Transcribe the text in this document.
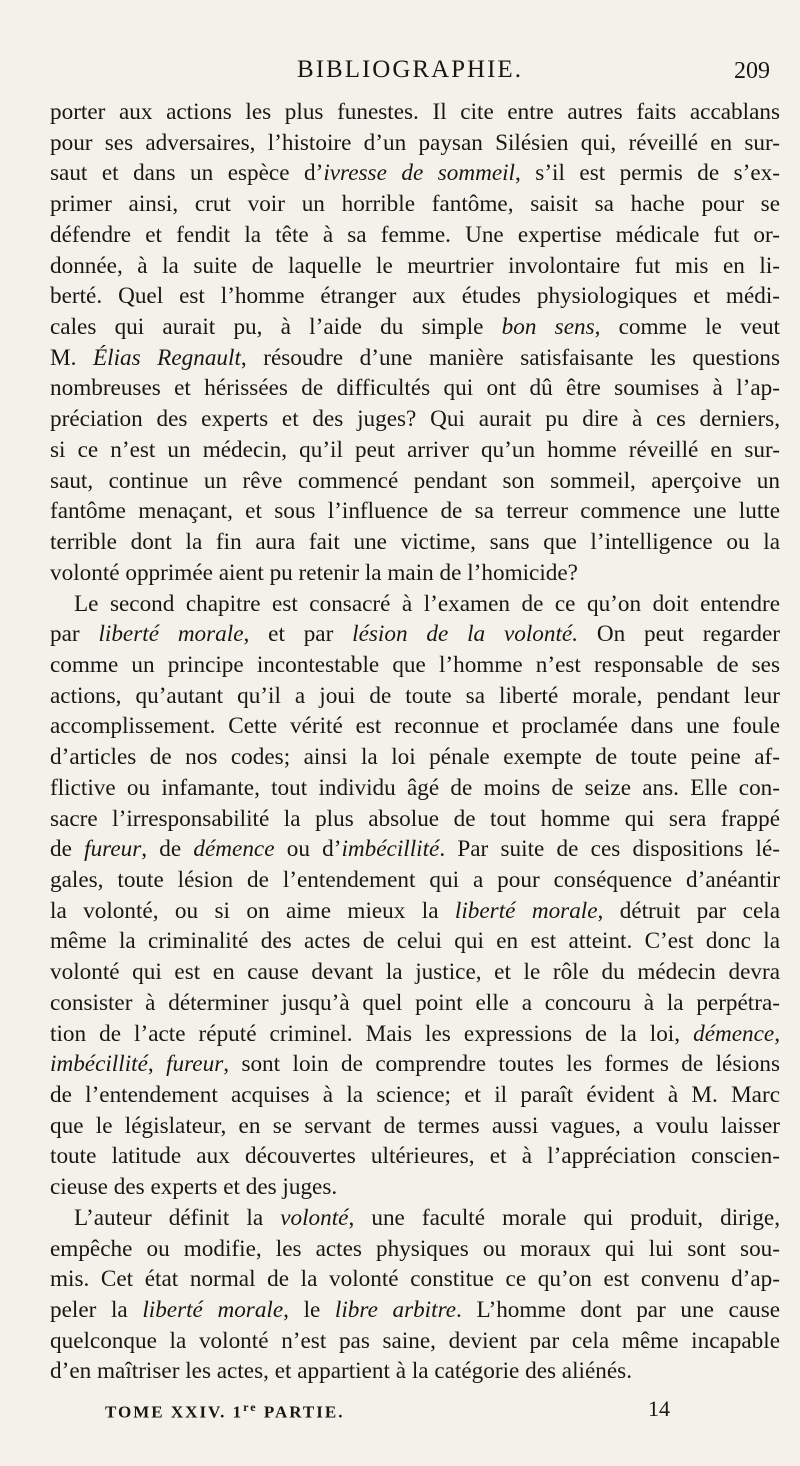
BIBLIOGRAPHIE.	209
porter aux actions les plus funestes. Il cite entre autres faits accablans
pour ses adversaires, l’histoire d’un paysan Silésien qui, réveillé en sur-
saut et dans un espèce d’ivresse de sommeil, s’il est permis de s’ex-
primer ainsi, crut voir un horrible fantôme, saisit sa hache pour se
défendre et fendit la tête à sa femme. Une expertise médicale fut or-
donnée, à la suite de laquelle le meurtrier involontaire fut mis en li-
berté. Quel est l’homme étranger aux études physiologiques et médi-
cales qui aurait pu, à l’aide du simple bon sens, comme le veut
M. Élias Regnault, résoudre d’une manière satisfaisante les questions
nombreuses et hérissées de difficultés qui ont dû être soumises à l’ap-
préciation des experts et des juges? Qui aurait pu dire à ces derniers,
si ce n’est un médecin, qu’il peut arriver qu’un homme réveillé en sur-
saut, continue un rêve commencé pendant son sommeil, aperçoive un
fantôme menaçant, et sous l’influence de sa terreur commence une lutte
terrible dont la fin aura fait une victime, sans que l’intelligence ou la
volonté opprimée aient pu retenir la main de l’homicide?
Le second chapitre est consacré à l’examen de ce qu’on doit entendre
par liberté morale, et par lésion de la volonté. On peut regarder
comme un principe incontestable que l’homme n’est responsable de ses
actions, qu’autant qu’il a joui de toute sa liberté morale, pendant leur
accomplissement. Cette vérité est reconnue et proclamée dans une foule
d’articles de nos codes; ainsi la loi pénale exempte de toute peine af-
flictive ou infamante, tout individu âgé de moins de seize ans. Elle con-
sacre l’irresponsabilité la plus absolue de tout homme qui sera frappé
de fureur, de démence ou d’imbécillité. Par suite de ces dispositions lé-
gales, toute lésion de l’entendement qui a pour conséquence d’anéantir
la volonté, ou si on aime mieux la liberté morale, détruit par cela
même la criminalité des actes de celui qui en est atteint. C’est donc la
volonté qui est en cause devant la justice, et le rôle du médecin devra
consister à déterminer jusqu’à quel point elle a concouru à la perpétra-
tion de l’acte réputé criminel. Mais les expressions de la loi, démence,
imbécillité, fureur, sont loin de comprendre toutes les formes de lésions
de l’entendement acquises à la science; et il paraît évident à M. Marc
que le législateur, en se servant de termes aussi vagues, a voulu laisser
toute latitude aux découvertes ultérieures, et à l’appréciation conscien-
cieuse des experts et des juges.
L’auteur définit la volonté, une faculté morale qui produit, dirige,
empêche ou modifie, les actes physiques ou moraux qui lui sont sou-
mis. Cet état normal de la volonté constitue ce qu’on est convenu d’ap-
peler la liberté morale, le libre arbitre. L’homme dont par une cause
quelconque la volonté n’est pas saine, devient par cela même incapable
d’en maîtriser les actes, et appartient à la catégorie des aliénés.
TOME XXIV. 1re PARTIE.	14
